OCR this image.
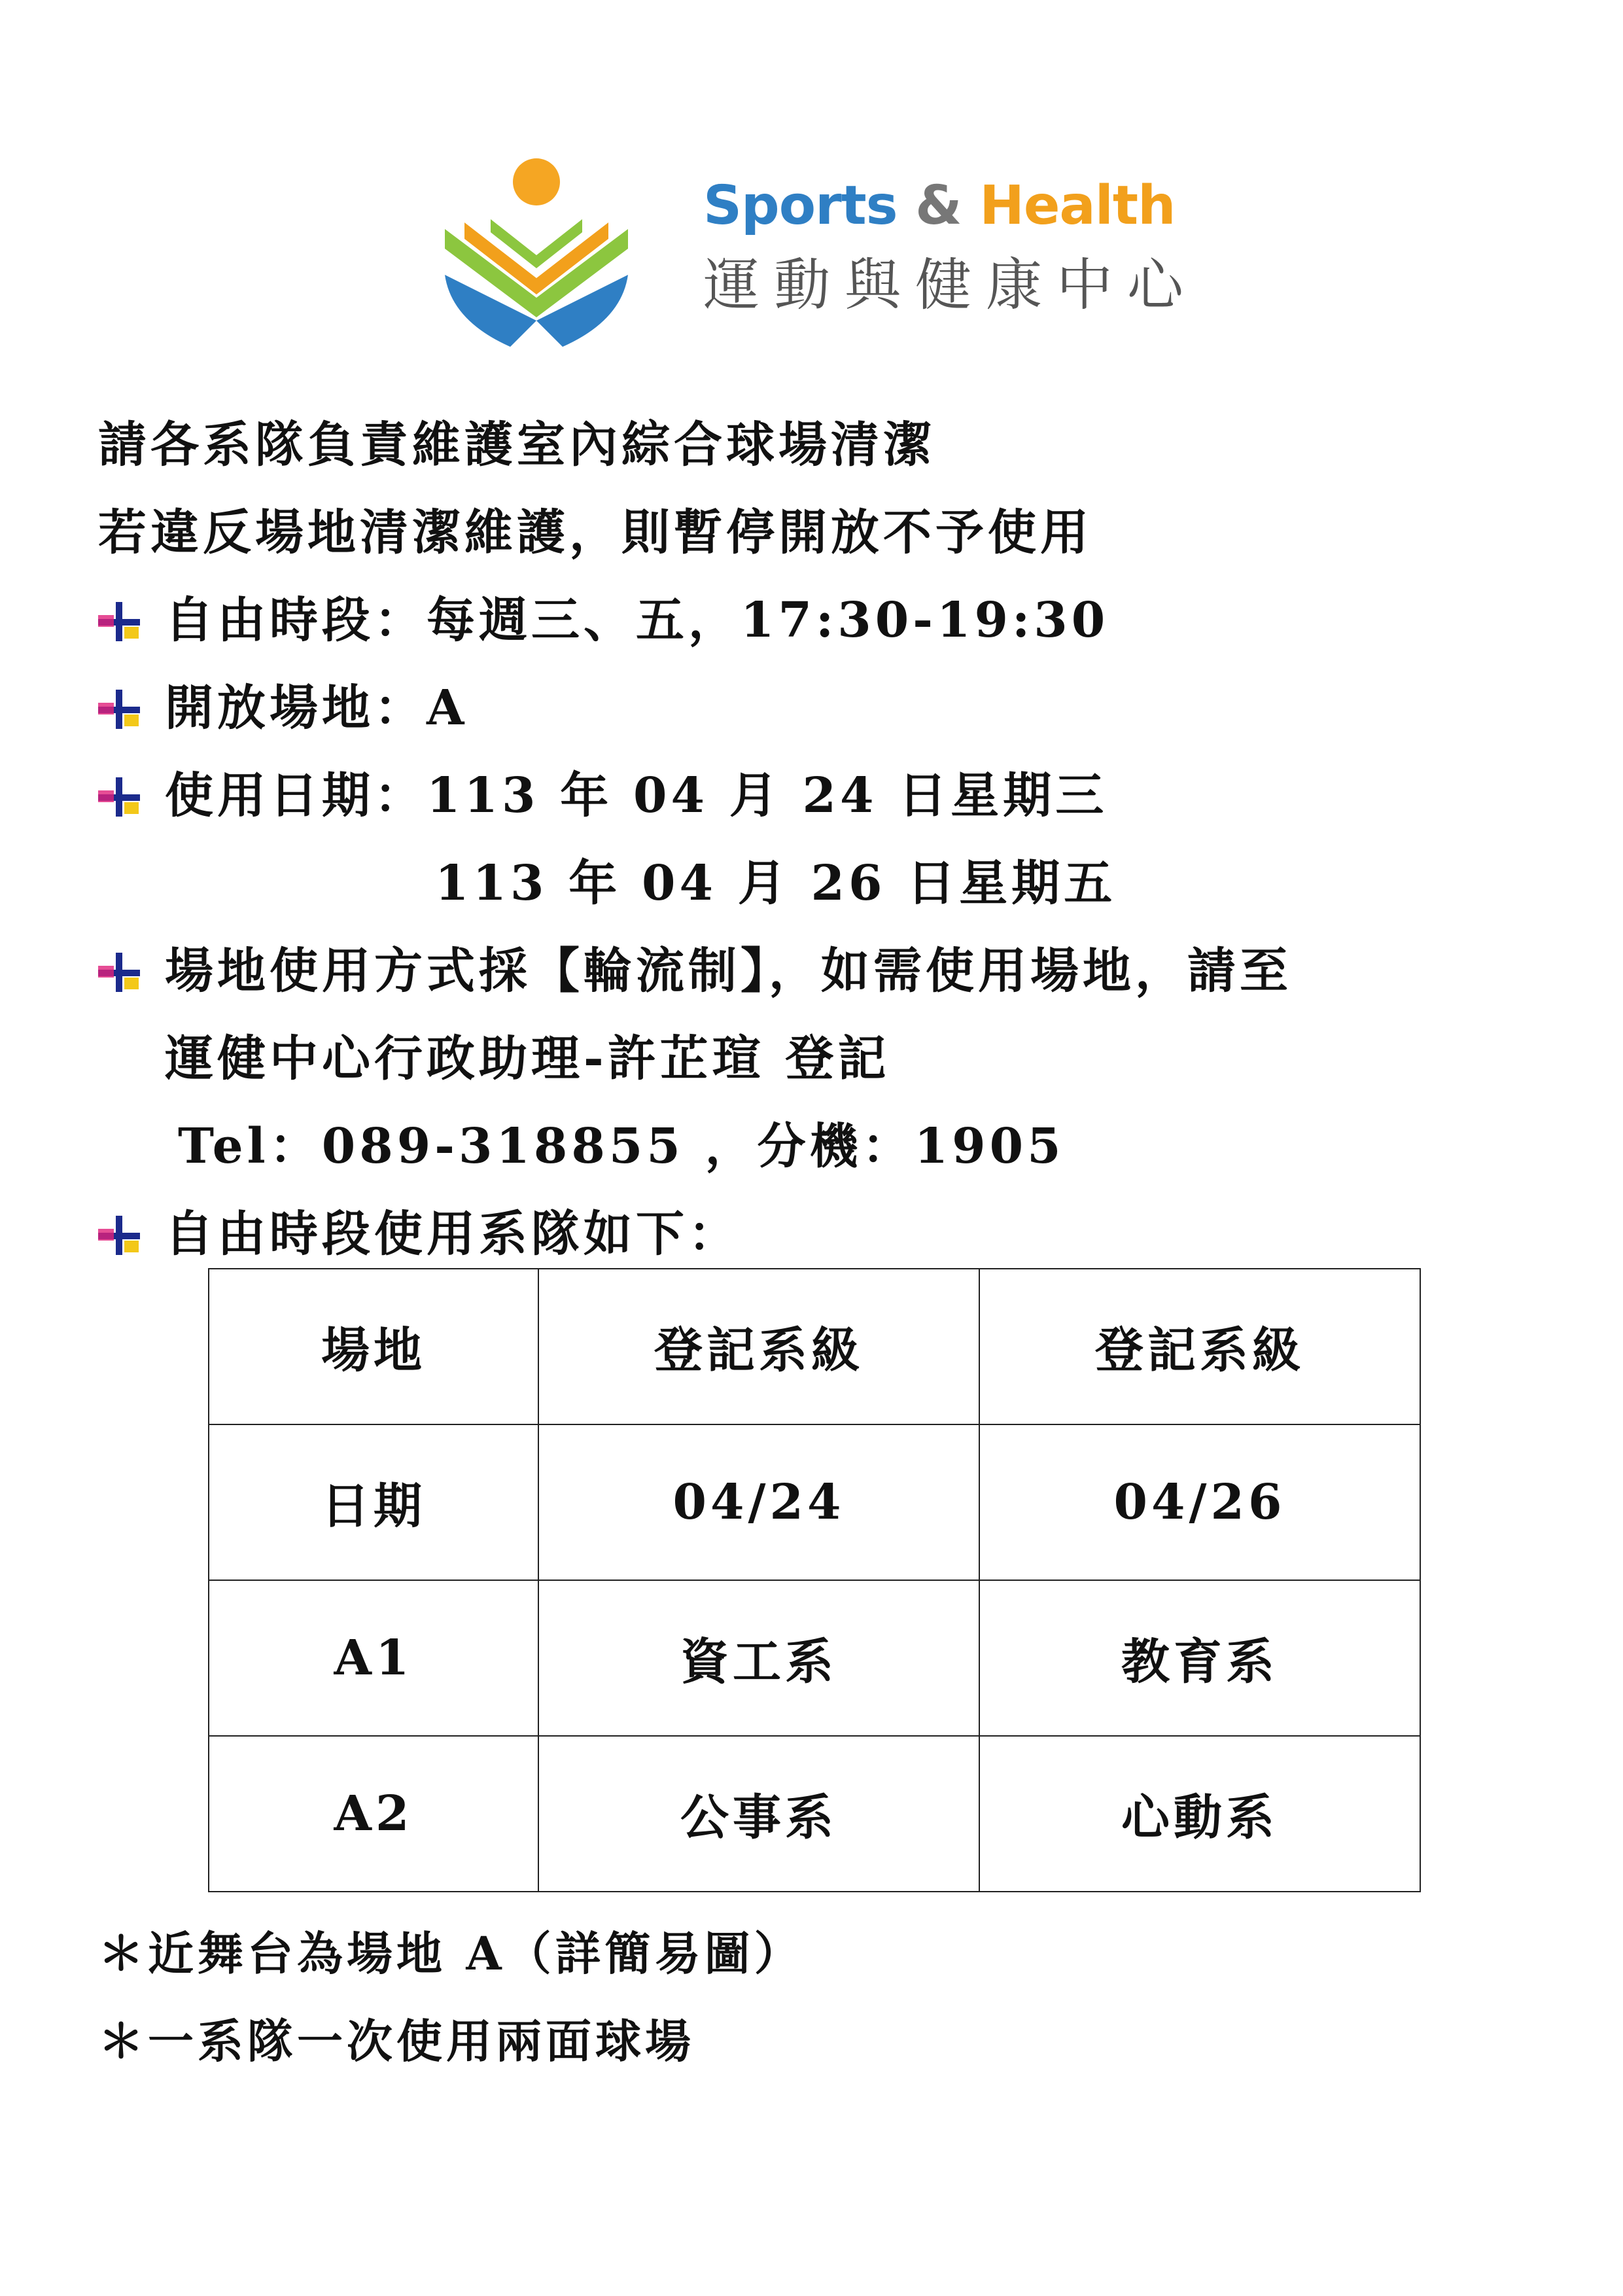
Sports & Health
運動與健康中心
請各系隊負責維護室內綜合球場清潔
若違反場地清潔維護，則暫停開放不予使用
自由時段：每週三、五，17:30-19:30
開放場地：A
使用日期：113 年 04 月 24 日星期三
113 年 04 月 26 日星期五
場地使用方式採【輪流制】，如需使用場地，請至
運健中心行政助理-許芷瑄 登記
Tel：089-318855 ，分機：1905
自由時段使用系隊如下：
場地	登記系級	登記系級
日期	04/24	04/26
A1	資工系	教育系
A2	公事系	心動系
＊近舞台為場地 A（詳簡易圖）
＊一系隊一次使用兩面球場
